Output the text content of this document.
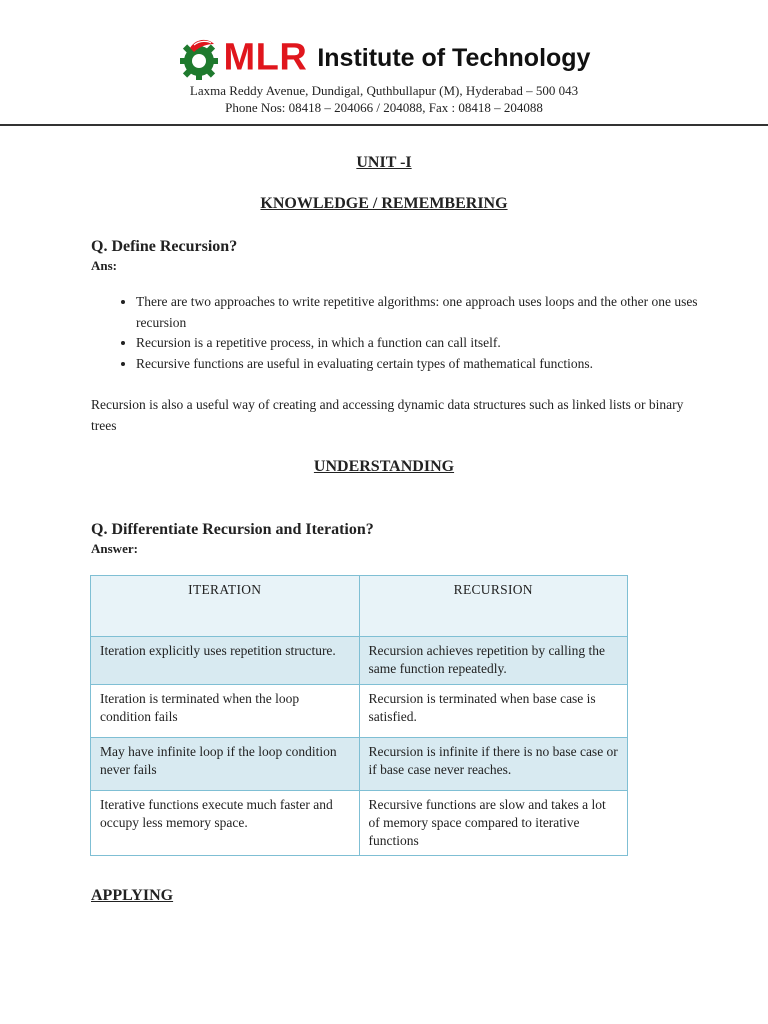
MLR Institute of Technology
Laxma Reddy Avenue, Dundigal, Quthbullapur (M), Hyderabad – 500 043
Phone Nos: 08418 – 204066 / 204088, Fax : 08418 – 204088
UNIT -I
KNOWLEDGE / REMEMBERING
Q. Define Recursion?
Ans:
• There are two approaches to write repetitive algorithms: one approach uses loops and the other one uses recursion
• Recursion is a repetitive process, in which a function can call itself.
• Recursive functions are useful in evaluating certain types of mathematical functions.
Recursion is also a useful way of creating and accessing dynamic data structures such as linked lists or binary trees
UNDERSTANDING
Q. Differentiate Recursion and Iteration?
Answer:
ITERATION	RECURSION
Iteration explicitly uses repetition structure.	Recursion achieves repetition by calling the same function repeatedly.
Iteration is terminated when the loop condition fails	Recursion is terminated when base case is satisfied.
May have infinite loop if the loop condition never fails	Recursion is infinite if there is no base case or if base case never reaches.
Iterative functions execute much faster and occupy less memory space.	Recursive functions are slow and takes a lot of memory space compared to iterative functions
APPLYING
